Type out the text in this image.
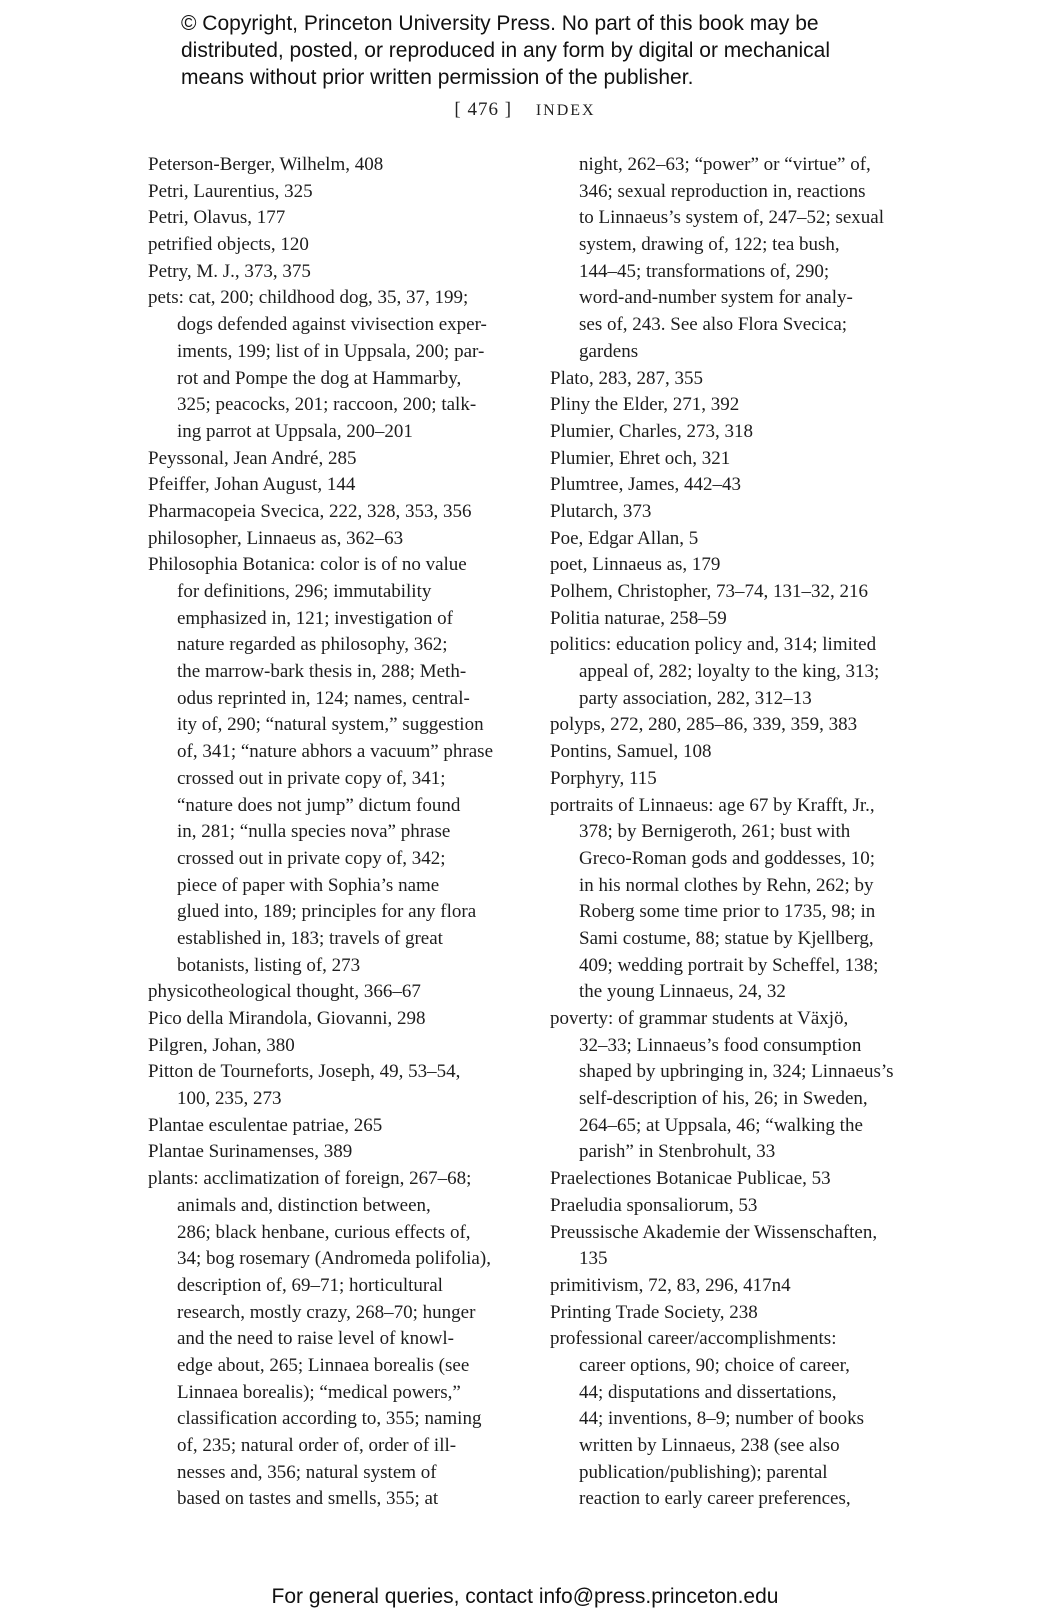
© Copyright, Princeton University Press. No part of this book may be
distributed, posted, or reproduced in any form by digital or mechanical
means without prior written permission of the publisher.
[ 476 ] INDEX
Peterson-Berger, Wilhelm, 408
Petri, Laurentius, 325
Petri, Olavus, 177
petrified objects, 120
Petry, M. J., 373, 375
pets: cat, 200; childhood dog, 35, 37, 199;
dogs defended against vivisection exper-
iments, 199; list of in Uppsala, 200; par-
rot and Pompe the dog at Hammarby,
325; peacocks, 201; raccoon, 200; talk-
ing parrot at Uppsala, 200–201
Peyssonal, Jean André, 285
Pfeiffer, Johan August, 144
Pharmacopeia Svecica, 222, 328, 353, 356
philosopher, Linnaeus as, 362–63
Philosophia Botanica: color is of no value
for definitions, 296; immutability
emphasized in, 121; investigation of
nature regarded as philosophy, 362;
the marrow-bark thesis in, 288; Meth-
odus reprinted in, 124; names, central-
ity of, 290; “natural system,” suggestion
of, 341; “nature abhors a vacuum” phrase
crossed out in private copy of, 341;
“nature does not jump” dictum found
in, 281; “nulla species nova” phrase
crossed out in private copy of, 342;
piece of paper with Sophia’s name
glued into, 189; principles for any flora
established in, 183; travels of great
botanists, listing of, 273
physicotheological thought, 366–67
Pico della Mirandola, Giovanni, 298
Pilgren, Johan, 380
Pitton de Tourneforts, Joseph, 49, 53–54,
100, 235, 273
Plantae esculentae patriae, 265
Plantae Surinamenses, 389
plants: acclimatization of foreign, 267–68;
animals and, distinction between,
286; black henbane, curious effects of,
34; bog rosemary (Andromeda polifolia),
description of, 69–71; horticultural
research, mostly crazy, 268–70; hunger
and the need to raise level of knowl-
edge about, 265; Linnaea borealis (see
Linnaea borealis); “medical powers,”
classification according to, 355; naming
of, 235; natural order of, order of ill-
nesses and, 356; natural system of
based on tastes and smells, 355; at
night, 262–63; “power” or “virtue” of,
346; sexual reproduction in, reactions
to Linnaeus’s system of, 247–52; sexual
system, drawing of, 122; tea bush,
144–45; transformations of, 290;
word-and-number system for analy-
ses of, 243. See also Flora Svecica;
gardens
Plato, 283, 287, 355
Pliny the Elder, 271, 392
Plumier, Charles, 273, 318
Plumier, Ehret och, 321
Plumtree, James, 442–43
Plutarch, 373
Poe, Edgar Allan, 5
poet, Linnaeus as, 179
Polhem, Christopher, 73–74, 131–32, 216
Politia naturae, 258–59
politics: education policy and, 314; limited
appeal of, 282; loyalty to the king, 313;
party association, 282, 312–13
polyps, 272, 280, 285–86, 339, 359, 383
Pontins, Samuel, 108
Porphyry, 115
portraits of Linnaeus: age 67 by Krafft, Jr.,
378; by Bernigeroth, 261; bust with
Greco-Roman gods and goddesses, 10;
in his normal clothes by Rehn, 262; by
Roberg some time prior to 1735, 98; in
Sami costume, 88; statue by Kjellberg,
409; wedding portrait by Scheffel, 138;
the young Linnaeus, 24, 32
poverty: of grammar students at Växjö,
32–33; Linnaeus’s food consumption
shaped by upbringing in, 324; Linnaeus’s
self-description of his, 26; in Sweden,
264–65; at Uppsala, 46; “walking the
parish” in Stenbrohult, 33
Praelectiones Botanicae Publicae, 53
Praeludia sponsaliorum, 53
Preussische Akademie der Wissenschaften,
135
primitivism, 72, 83, 296, 417n4
Printing Trade Society, 238
professional career/accomplishments:
career options, 90; choice of career,
44; disputations and dissertations,
44; inventions, 8–9; number of books
written by Linnaeus, 238 (see also
publication/publishing); parental
reaction to early career preferences,
For general queries, contact info@press.princeton.edu
